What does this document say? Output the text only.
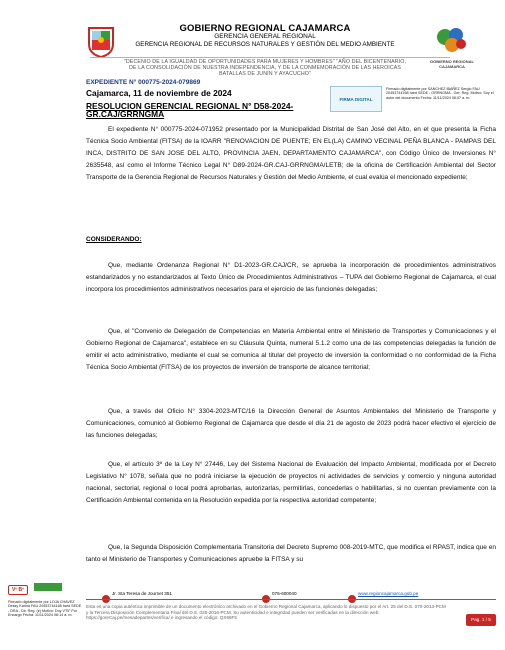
GOBIERNO REGIONAL CAJAMARCA
GERENCIA GENERAL REGIONAL
GERENCIA REGIONAL DE RECURSOS NATURALES Y GESTIÓN DEL MEDIO AMBIENTE
"DECENIO DE LA IGUALDAD DE OPORTUNIDADES PARA MUJERES Y HOMBRES" "AÑO DEL BICENTENARIO, DE LA CONSOLIDACIÓN DE NUESTRA INDEPENDENCIA, Y DE LA CONMEMORACIÓN DE LAS HEROICAS BATALLAS DE JUNÍN Y AYACUCHO"
GOBIERNO REGIONAL CAJAMARCA
EXPEDIENTE N° 000775-2024-079869
Cajamarca, 11 de noviembre de 2024
RESOLUCION GERENCIAL REGIONAL N° D58-2024-GR.CAJ/GRRNGMA
FIRMA DIGITAL
Firmado digitalmente por SANCHEZ IBAÑEZ Sergio FAU 20453744168 hard SEDE - GRRNGMA - Ger. Reg. Motivo: Soy el autor del documento Fecha: 11/11/2024 08:07 a. m.

El expediente N° 000775-2024-071952 presentado por la Municipalidad Distrital de San José del Alto, en el que presenta la Ficha Técnica Socio Ambiental (FITSA) de la IOARR "RENOVACION DE PUENTE; EN EL(LA) CAMINO VECINAL PEÑA BLANCA - PAMPAS DEL INCA, DISTRITO DE SAN JOSE DEL ALTO, PROVINCIA JAEN, DEPARTAMENTO CAJAMARCA", con Código Único de Inversiones N° 2635548, así como el Informe Técnico Legal N° D89-2024-GR.CAJ-GRRNGMA/LETB; de la oficina de Certificación Ambiental del Sector Transporte de la Gerencia Regional de Recursos Naturales y Gestión del Medio Ambiente, el cual evalúa el mencionado expediente;

CONSIDERANDO:

Que, mediante Ordenanza Regional N° D1-2023-GR.CAJ/CR, se aprueba la incorporación de procedimientos administrativos estandarizados y no estandarizados al Texto Único de Procedimientos Administrativos – TUPA del Gobierno Regional de Cajamarca, el cual incorpora los procedimientos administrativos necesarios para el ejercicio de las funciones delegadas;

Que, el "Convenio de Delegación de Competencias en Materia Ambiental entre el Ministerio de Transportes y Comunicaciones y el Gobierno Regional de Cajamarca", establece en su Cláusula Quinta, numeral 5.1.2 como una de las competencias delegadas la función de emitir el acto administrativo, mediante el cual se comunica al titular del proyecto de inversión la conformidad o no conformidad de la Ficha Técnica Socio Ambiental (FITSA) de los proyectos de inversión de transporte de alcance territorial;

Que, a través del Oficio N° 3304-2023-MTC/16 la Dirección General de Asuntos Ambientales del Ministerio de Transporte y Comunicaciones, comunicó al Gobierno Regional de Cajamarca que desde el día 21 de agosto de 2023 podrá hacer efectivo el ejercicio de las funciones delegadas;

Que, el artículo 3º de la Ley N° 27446, Ley del Sistema Nacional de Evaluación del Impacto Ambiental, modificada por el Decreto Legislativo N° 1078, señala que no podrá iniciarse la ejecución de proyectos ni actividades de servicios y comercio y ninguna autoridad nacional, sectorial, regional o local podrá aprobarlas, autorizarlas, permitirlas, concederlas o habilitarlas, si no cuentan previamente con la Certificación Ambiental contenida en la Resolución expedida por la respectiva autoridad competente;

Que, la Segunda Disposición Complementaria Transitoria del Decreto Supremo 008-2019-MTC, que modifica el RPAST, indica que en tanto el Ministerio de Transportes y Comunicaciones apruebe la FITSA y su

Vº Bº
Firmado digitalmente por LOJA CHAVEZ Dessy Karina FAU 20453744168 hard SEDE - DRA - Dir. Reg. (e) Motivo: Doy V°B° Por Encargo Fecha: 11/11/2024 08:14 a. m.
Jr. Sta Teresa de Journet 351	076-600040	www.regioncajamarca.gob.pe
Esta es una copia auténtica imprimible de un documento electrónico archivado en el Gobierno Regional Cajamarca, aplicando lo dispuesto por el Art. 25 del D.S. 070-2013-PCM y la Tercera Disposición Complementaria Final del D.S. 026-2016-PCM. Su autenticidad e integridad pueden ser verificadas en la dirección web: https://goreCaj.pe/mesadepartes/verifica/ e ingresando el código: QX66F5	Pag. 1 / 5
